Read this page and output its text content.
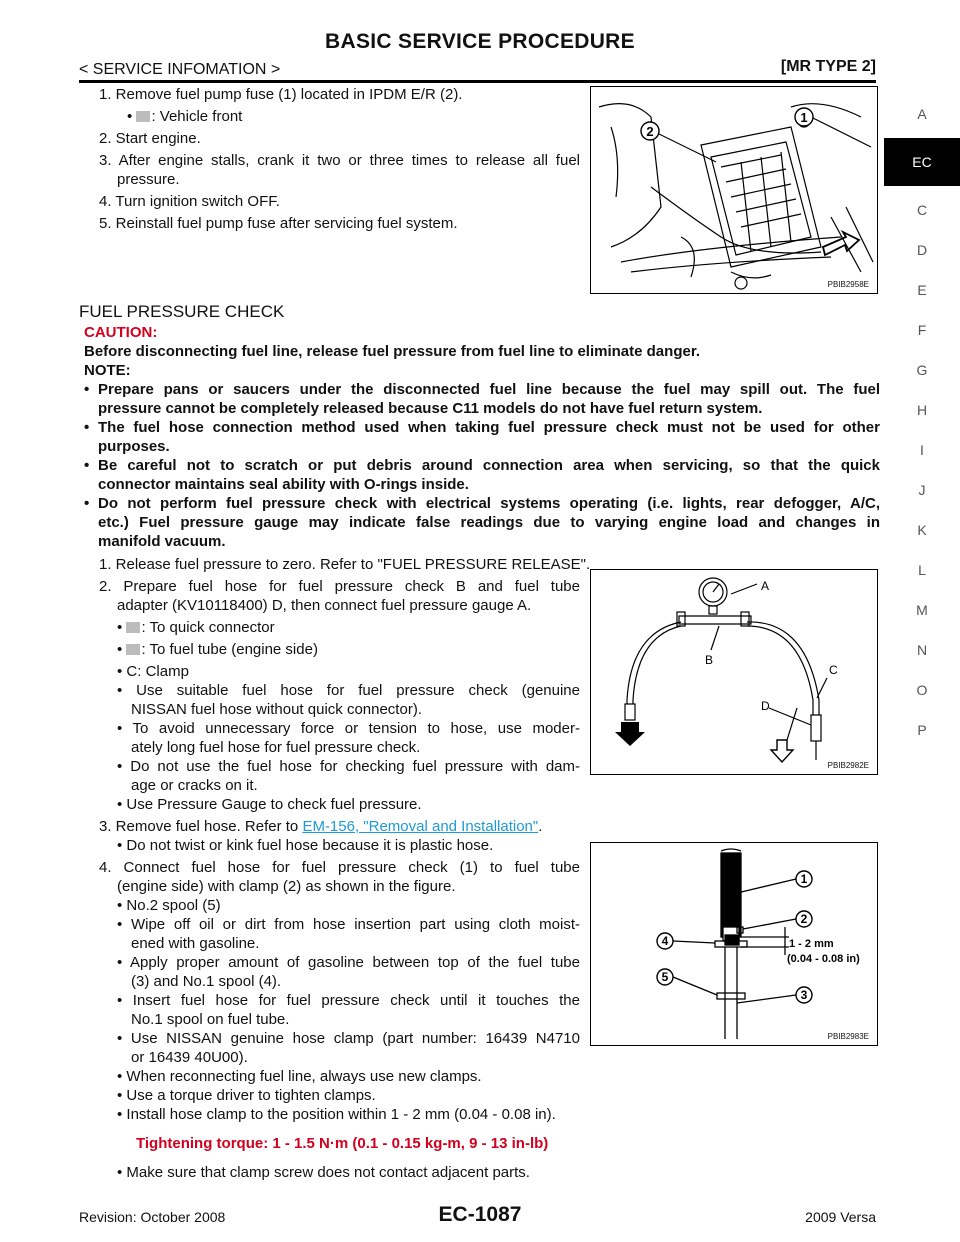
BASIC SERVICE PROCEDURE
< SERVICE INFOMATION >	[MR TYPE 2]
A
EC
C
D
E
F
G
H
I
J
K
L
M
N
O
P
1. Remove fuel pump fuse (1) located in IPDM E/R (2).
• : Vehicle front
2. Start engine.
3. After engine stalls, crank it two or three times to release all fuel
pressure.
4. Turn ignition switch OFF.
5. Reinstall fuel pump fuse after servicing fuel system.
1
2
PBIB2958E
FUEL PRESSURE CHECK
CAUTION:
Before disconnecting fuel line, release fuel pressure from fuel line to eliminate danger.
NOTE:
• Prepare pans or saucers under the disconnected fuel line because the fuel may spill out. The fuel
pressure cannot be completely released because C11 models do not have fuel return system.
• The fuel hose connection method used when taking fuel pressure check must not be used for other
purposes.
• Be careful not to scratch or put debris around connection area when servicing, so that the quick
connector maintains seal ability with O-rings inside.
• Do not perform fuel pressure check with electrical systems operating (i.e. lights, rear defogger, A/C,
etc.) Fuel pressure gauge may indicate false readings due to varying engine load and changes in
manifold vacuum.
1. Release fuel pressure to zero. Refer to "FUEL PRESSURE RELEASE".
2. Prepare fuel hose for fuel pressure check B and fuel tube
adapter (KV10118400) D, then connect fuel pressure gauge A.
• : To quick connector
• : To fuel tube (engine side)
• C: Clamp
• Use suitable fuel hose for fuel pressure check (genuine
NISSAN fuel hose without quick connector).
• To avoid unnecessary force or tension to hose, use moder-
ately long fuel hose for fuel pressure check.
• Do not use the fuel hose for checking fuel pressure with dam-
age or cracks on it.
• Use Pressure Gauge to check fuel pressure.
3. Remove fuel hose. Refer to EM-156, "Removal and Installation".
• Do not twist or kink fuel hose because it is plastic hose.
4. Connect fuel hose for fuel pressure check (1) to fuel tube
(engine side) with clamp (2) as shown in the figure.
• No.2 spool (5)
• Wipe off oil or dirt from hose insertion part using cloth moist-
ened with gasoline.
• Apply proper amount of gasoline between top of the fuel tube
(3) and No.1 spool (4).
• Insert fuel hose for fuel pressure check until it touches the
No.1 spool on fuel tube.
• Use NISSAN genuine hose clamp (part number: 16439 N4710
or 16439 40U00).
• When reconnecting fuel line, always use new clamps.
• Use a torque driver to tighten clamps.
• Install hose clamp to the position within 1 - 2 mm (0.04 - 0.08 in).
Tightening torque: 1 - 1.5 N·m (0.1 - 0.15 kg-m, 9 - 13 in-lb)
• Make sure that clamp screw does not contact adjacent parts.
A
B
C
D
PBIB2982E
1
2
3
4
5
1 - 2 mm
(0.04 - 0.08 in)
PBIB2983E
Revision: October 2008	EC-1087	2009 Versa
